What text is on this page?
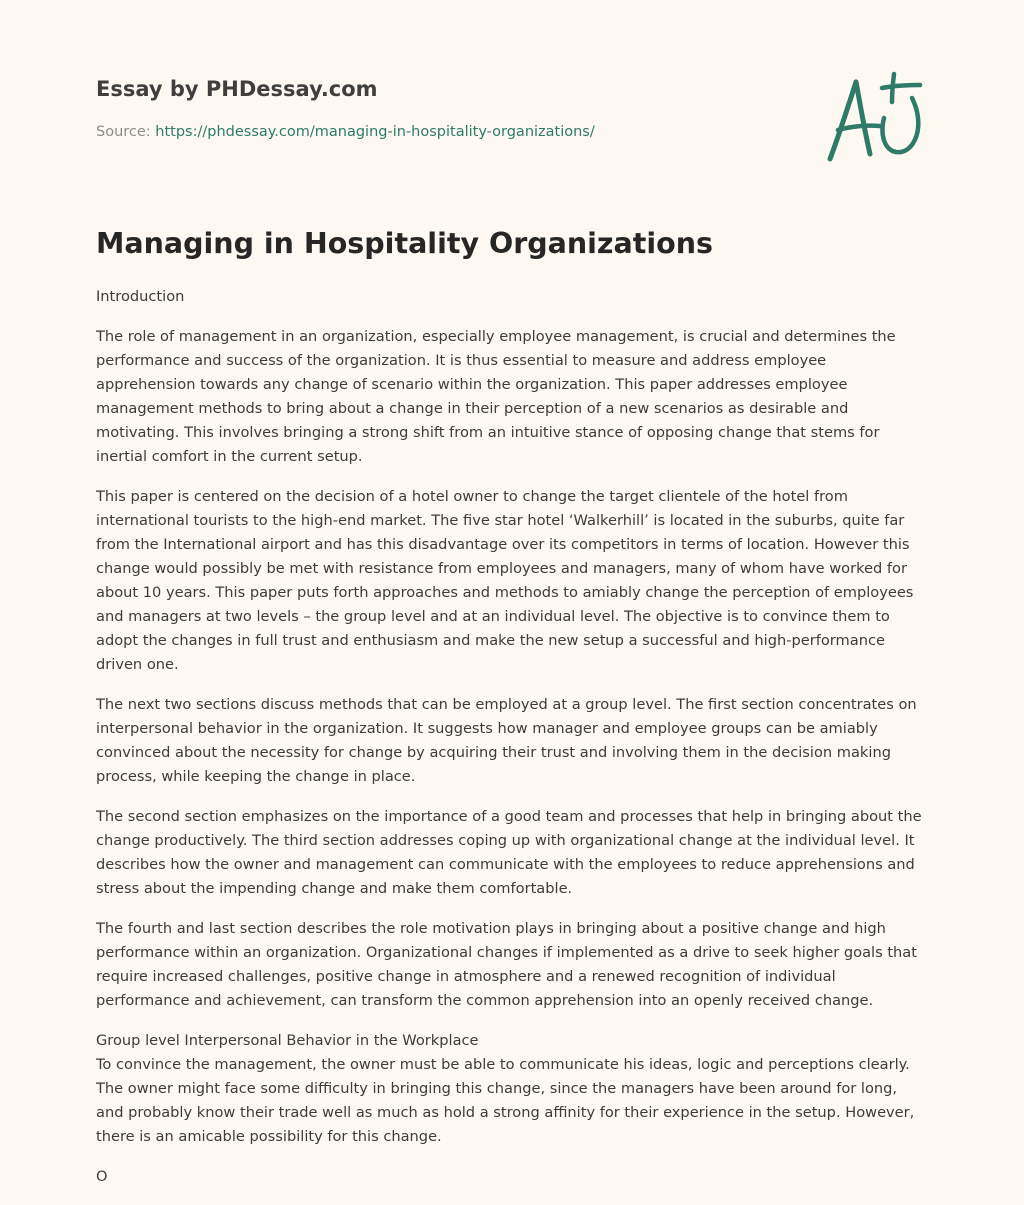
Essay by PHDessay.com
Source: https://phdessay.com/managing-in-hospitality-organizations/
Managing in Hospitality Organizations

Introduction

The role of management in an organization, especially employee management, is crucial and determines the performance and success of the organization. It is thus essential to measure and address employee apprehension towards any change of scenario within the organization. This paper addresses employee management methods to bring about a change in their perception of a new scenarios as desirable and motivating. This involves bringing a strong shift from an intuitive stance of opposing change that stems for inertial comfort in the current setup.

This paper is centered on the decision of a hotel owner to change the target clientele of the hotel from international tourists to the high-end market. The five star hotel ‘Walkerhill’ is located in the suburbs, quite far from the International airport and has this disadvantage over its competitors in terms of location. However this change would possibly be met with resistance from employees and managers, many of whom have worked for about 10 years. This paper puts forth approaches and methods to amiably change the perception of employees and managers at two levels – the group level and at an individual level. The objective is to convince them to adopt the changes in full trust and enthusiasm and make the new setup a successful and high-performance driven one.

The next two sections discuss methods that can be employed at a group level. The first section concentrates on interpersonal behavior in the organization. It suggests how manager and employee groups can be amiably convinced about the necessity for change by acquiring their trust and involving them in the decision making process, while keeping the change in place.

The second section emphasizes on the importance of a good team and processes that help in bringing about the change productively. The third section addresses coping up with organizational change at the individual level. It describes how the owner and management can communicate with the employees to reduce apprehensions and stress about the impending change and make them comfortable.

The fourth and last section describes the role motivation plays in bringing about a positive change and high performance within an organization. Organizational changes if implemented as a drive to seek higher goals that require increased challenges, positive change in atmosphere and a renewed recognition of individual performance and achievement, can transform the common apprehension into an openly received change.

Group level Interpersonal Behavior in the Workplace
To convince the management, the owner must be able to communicate his ideas, logic and perceptions clearly. The owner might face some difficulty in bringing this change, since the managers have been around for long, and probably know their trade well as much as hold a strong affinity for their experience in the setup. However, there is an amicable possibility for this change.

O
